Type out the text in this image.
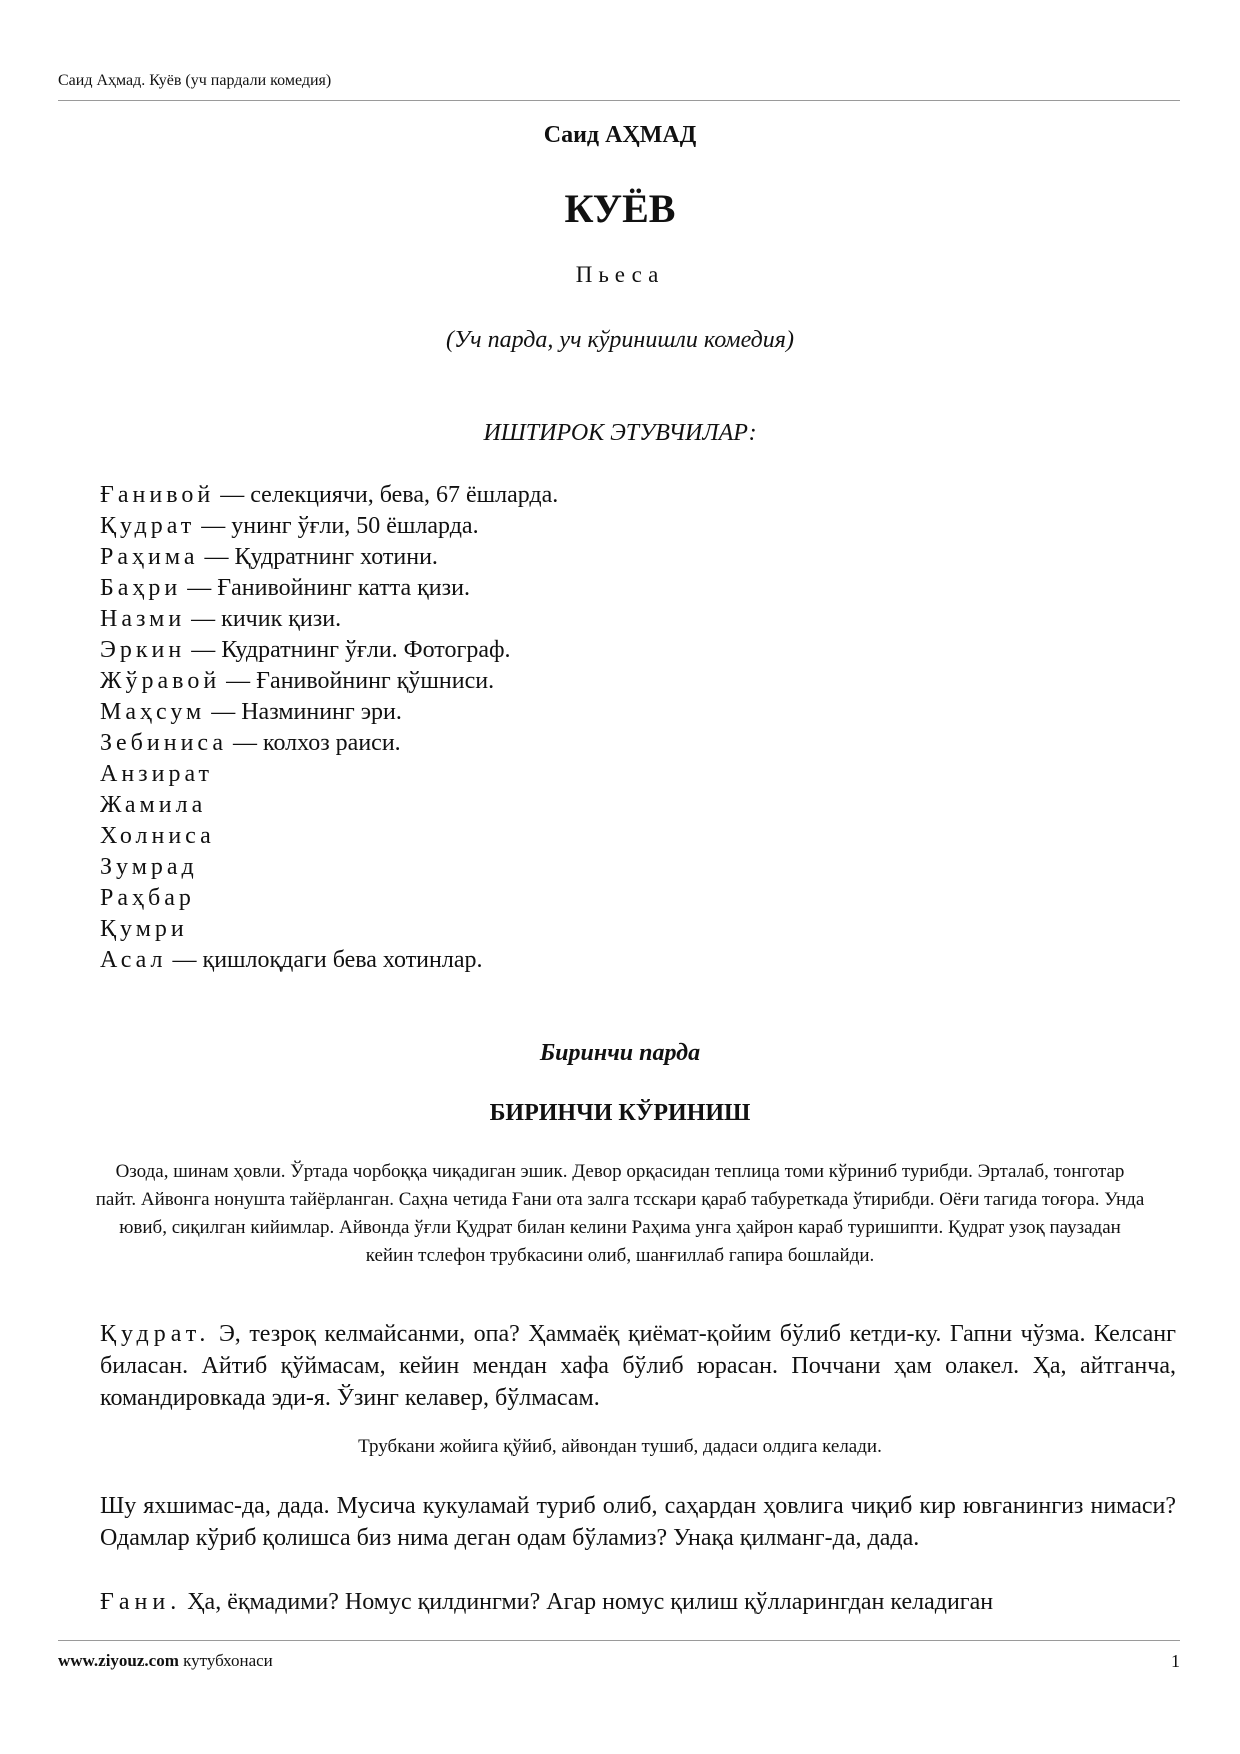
Саид Аҳмад. Куёв (уч пардали комедия)
Саид АҲМАД
КУЁВ
Пьеса
(Уч парда, уч кўринишли комедия)
ИШТИРОК ЭТУВЧИЛАР:
Ғанивой — селекциячи, бева, 67 ёшларда.
Қудрат — унинг ўғли, 50 ёшларда.
Раҳима — Қудратнинг хотини.
Баҳри — Ғанивойнинг катта қизи.
Назми — кичик қизи.
Эркин — Кудратнинг ўғли. Фотограф.
Жўравой — Ғанивойнинг қўшниси.
Маҳсум — Назмининг эри.
Зебиниса — колхоз раиси.
Анзират
Жамила
Холниса
Зумрад
Раҳбар
Қумри
Асал — қишлоқдаги бева хотинлар.
Биринчи парда
БИРИНЧИ КЎРИНИШ
Озода, шинам ҳовли. Ўртада чорбоққа чиқадиган эшик. Девор орқасидан теплица томи кўриниб турибди. Эрталаб, тонготар пайт. Айвонга нонушта тайёрланган. Саҳна четида Ғани ота залга тсскари қараб табуреткада ўтирибди. Оёғи тагида тоғора. Унда ювиб, сиқилган кийимлар. Айвонда ўғли Қудрат билан келини Раҳима унга ҳайрон караб туришипти. Қудрат узоқ паузадан кейин тслефон трубкасини олиб, шанғиллаб гапира бошлайди.

Қудрат. Э, тезроқ келмайсанми, опа? Ҳаммаёқ қиёмат-қойим бўлиб кетди-ку. Гапни чўзма. Келсанг биласан. Айтиб қўймасам, кейин мендан хафа бўлиб юрасан. Поччани ҳам олакел. Ҳа, айтганча, командировкада эди-я. Ўзинг келавер, бўлмасам.

Трубкани жойига қўйиб, айвондан тушиб, дадаси олдига келади.

Шу яхшимас-да, дада. Мусича кукуламай туриб олиб, саҳардан ҳовлига чиқиб кир ювганингиз нимаси? Одамлар кўриб қолишса биз нима деган одам бўламиз? Унақа қилманг-да, дада.

Ғани. Ҳа, ёқмадими? Номус қилдингми? Агар номус қилиш қўлларингдан келадиган

www.ziyouz.com кутубхонаси	1
